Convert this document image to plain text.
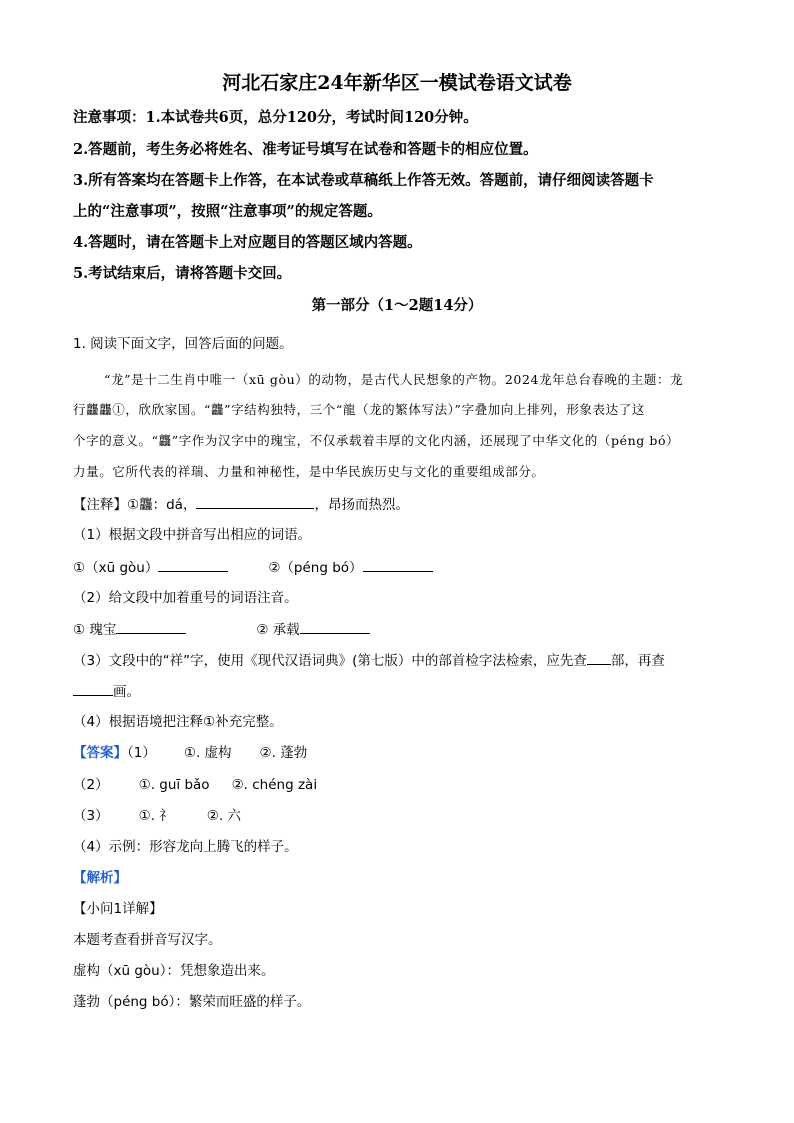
河北石家庄24年新华区一模试卷语文试卷
注意事项：1.本试卷共6页，总分120分，考试时间120分钟。
2.答题前，考生务必将姓名、准考证号填写在试卷和答题卡的相应位置。
3.所有答案均在答题卡上作答，在本试卷或草稿纸上作答无效。答题前，请仔细阅读答题卡
上的“注意事项”，按照“注意事项”的规定答题。
4.答题时，请在答题卡上对应题目的答题区域内答题。
5.考试结束后，请将答题卡交回。
第一部分（1～2题14分）
1. 阅读下面文字，回答后面的问题。
“龙”是十二生肖中唯一（xū gòu）的动物，是古代人民想象的产物。2024龙年总台春晚的主题：龙
行龘龘①，欣欣家国。“龘”字结构独特，三个“龍（龙的繁体写法）”字叠加向上排列，形象表达了这
个字的意义。“龘”字作为汉字中的瑰宝，不仅承载着丰厚的文化内涵，还展现了中华文化的（péng bó）
力量。它所代表的祥瑞、力量和神秘性，是中华民族历史与文化的重要组成部分。
【注释】①龘：dá，	，昂扬而热烈。
（1）根据文段中拼音写出相应的词语。
①（xū gòu）	②（péng bó）
（2）给文段中加着重号的词语注音。
① 瑰宝	② 承载
（3）文段中的“祥”字，使用《现代汉语词典》(第七版）中的部首检字法检索，应先查 部，再查
画。
（4）根据语境把注释①补充完整。
【答案】（1） ①. 虚构 ②. 蓬勃
（2） ①. guī bǎo ②. chéng zài
（3） ①. 礻	②. 六
（4）示例：形容龙向上腾飞的样子。
【解析】
【小问1详解】
本题考查看拼音写汉字。
虚构（xū gòu）：凭想象造出来。
蓬勃（péng bó）：繁荣而旺盛的样子。
